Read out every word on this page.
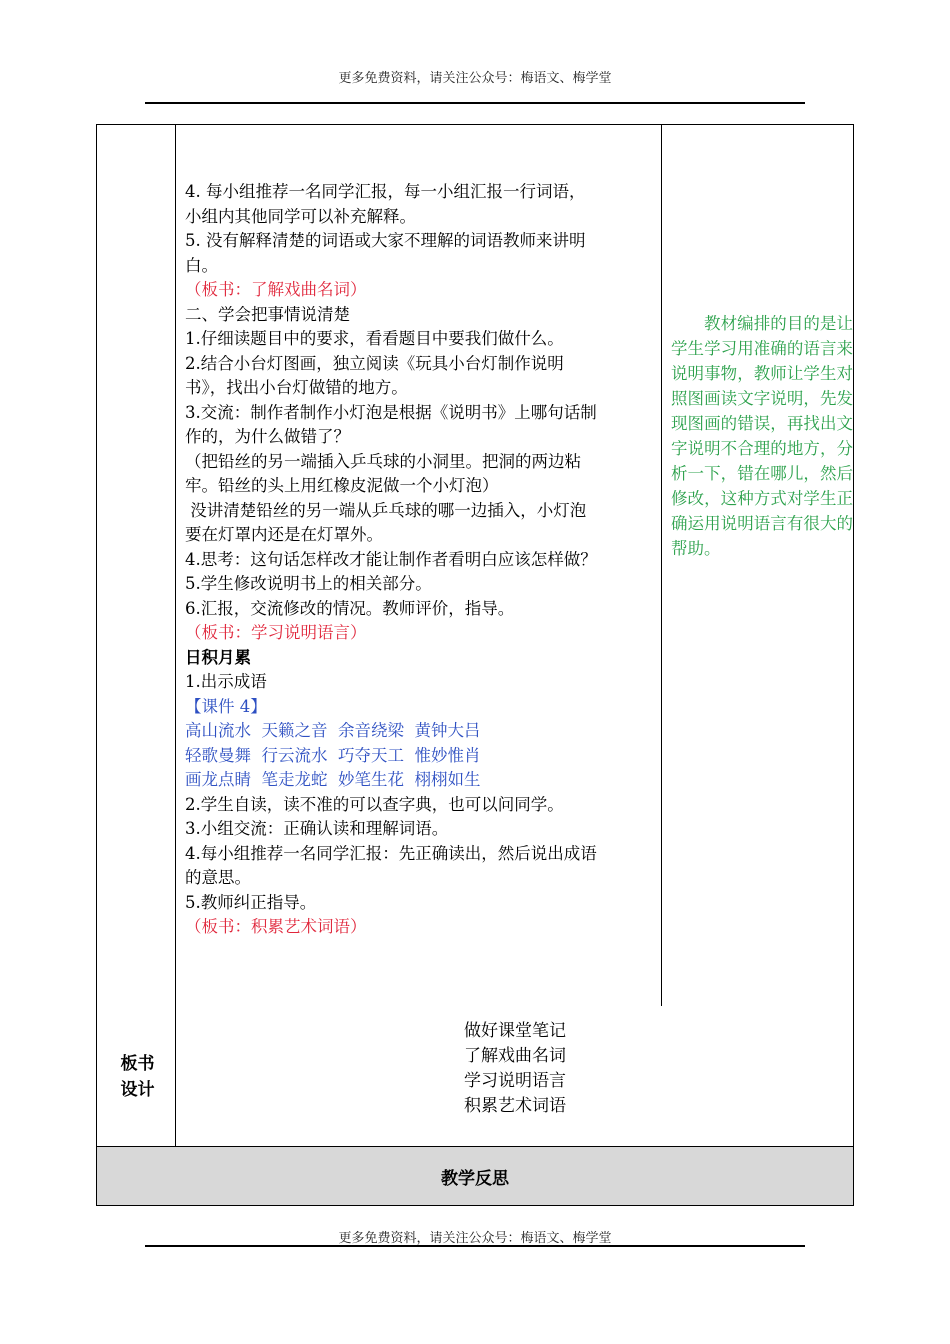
更多免费资料，请关注公众号：梅语文、梅学堂

4. 每小组推荐一名同学汇报，每一小组汇报一行词语，

小组内其他同学可以补充解释。

5. 没有解释清楚的词语或大家不理解的词语教师来讲明

白。

（板书：了解戏曲名词）

二、学会把事情说清楚

1.仔细读题目中的要求，看看题目中要我们做什么。

2.结合小台灯图画，独立阅读《玩具小台灯制作说明

书》，找出小台灯做错的地方。

3.交流：制作者制作小灯泡是根据《说明书》上哪句话制

作的，为什么做错了？

（把铅丝的另一端插入乒乓球的小洞里。把洞的两边粘

牢。铅丝的头上用红橡皮泥做一个小灯泡）

没讲清楚铅丝的另一端从乒乓球的哪一边插入，小灯泡

要在灯罩内还是在灯罩外。

4.思考：这句话怎样改才能让制作者看明白应该怎样做？

5.学生修改说明书上的相关部分。

6.汇报，交流修改的情况。教师评价，指导。

（板书：学习说明语言）

日积月累

1.出示成语

【课件 4】

高山流水  天籁之音  余音绕梁  黄钟大吕

轻歌曼舞  行云流水  巧夺天工  惟妙惟肖

画龙点睛  笔走龙蛇  妙笔生花  栩栩如生

2.学生自读，读不准的可以查字典，也可以问同学。

3.小组交流：正确认读和理解词语。

4.每小组推荐一名同学汇报：先正确读出，然后说出成语

的意思。

5.教师纠正指导。

（板书：积累艺术词语）

教材编排的目的是让学生学习用准确的语言来说明事物，教师让学生对照图画读文字说明，先发现图画的错误，再找出文字说明不合理的地方，分析一下，错在哪儿，然后修改，这种方式对学生正确运用说明语言有很大的帮助。
板书
设计
做好课堂笔记
了解戏曲名词
学习说明语言
积累艺术词语
教学反思
更多免费资料，请关注公众号：梅语文、梅学堂
